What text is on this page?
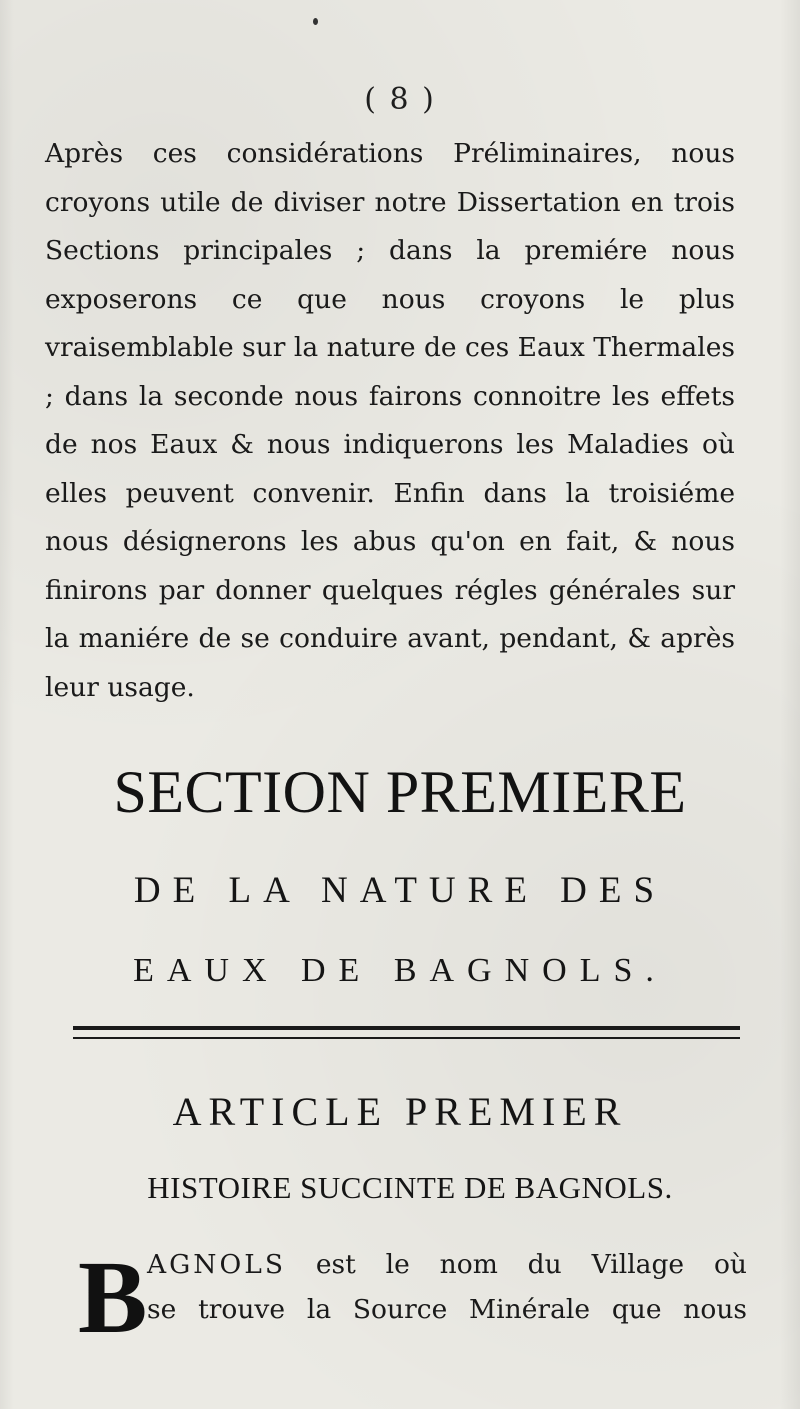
( 8 )

Après ces considérations Préliminaires, nous croyons utile de diviser notre Dissertation en trois Sections principales ; dans la premiére nous exposerons ce que nous croyons le plus vraisemblable sur la nature de ces Eaux Thermales ; dans la seconde nous fairons connoitre les effets de nos Eaux & nous indiquerons les Maladies où elles peuvent convenir. Enfin dans la troisiéme nous désignerons les abus qu'on en fait, & nous finirons par donner quelques régles générales sur la maniére de se conduire avant, pendant, & après leur usage.

SECTION PREMIERE
DE LA NATURE DES
EAUX DE BAGNOLS.
ARTICLE PREMIER
HISTOIRE SUCCINTE DE BAGNOLS.
B AGNOLS est le nom du Village où
se trouve la Source Minérale que nous
